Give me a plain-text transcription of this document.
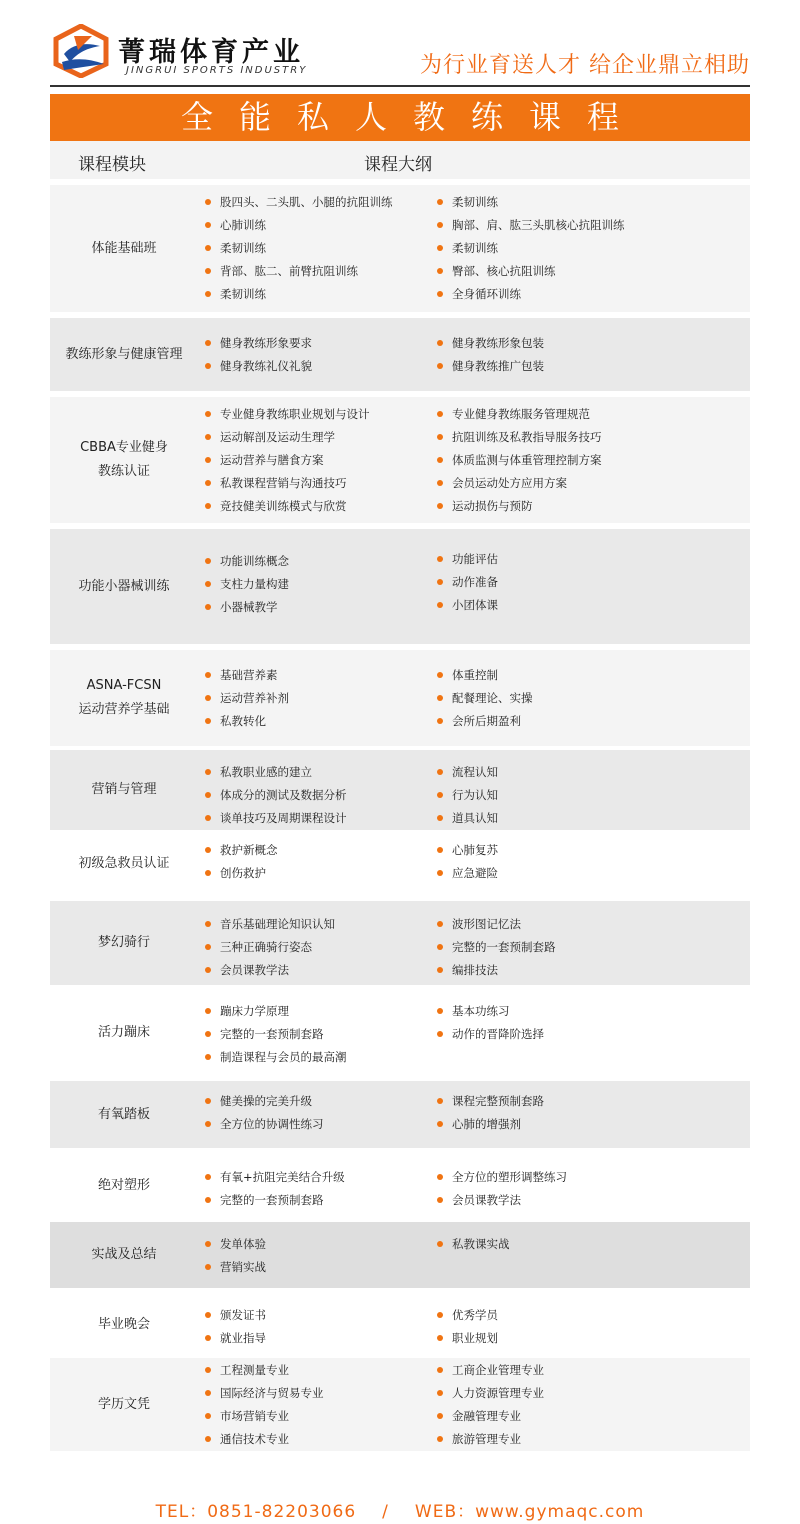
菁瑞体育产业
JINGRUI SPORTS INDUSTRY	为行业育送人才 给企业鼎立相助
全能私人教练课程
课程模块	课程大纲
体能基础班
股四头、二头肌、小腿的抗阻训练
心肺训练
柔韧训练
背部、肱二、前臂抗阻训练
柔韧训练
柔韧训练
胸部、肩、肱三头肌核心抗阻训练
柔韧训练
臀部、核心抗阻训练
全身循环训练
教练形象与健康管理
健身教练形象要求
健身教练礼仪礼貌
健身教练形象包装
健身教练推广包装
CBBA专业健身
教练认证
专业健身教练职业规划与设计
运动解剖及运动生理学
运动营养与膳食方案
私教课程营销与沟通技巧
竞技健美训练模式与欣赏
专业健身教练服务管理规范
抗阻训练及私教指导服务技巧
体质监测与体重管理控制方案
会员运动处方应用方案
运动损伤与预防
功能小器械训练
功能训练概念
支柱力量构建
小器械教学
功能评估
动作准备
小团体课
ASNA-FCSN
运动营养学基础
基础营养素
运动营养补剂
私教转化
体重控制
配餐理论、实操
会所后期盈利
营销与管理
私教职业感的建立
体成分的测试及数据分析
谈单技巧及周期课程设计
流程认知
行为认知
道具认知
初级急救员认证
救护新概念
创伤救护
心肺复苏
应急避险
梦幻骑行
音乐基础理论知识认知
三种正确骑行姿态
会员课教学法
波形图记忆法
完整的一套预制套路
编排技法
活力蹦床
蹦床力学原理
完整的一套预制套路
制造课程与会员的最高潮
基本功练习
动作的晋降阶选择
有氧踏板
健美操的完美升级
全方位的协调性练习
课程完整预制套路
心肺的增强剂
绝对塑形
有氧+抗阻完美结合升级
完整的一套预制套路
全方位的塑形调整练习
会员课教学法
实战及总结
发单体验
营销实战
私教课实战
毕业晚会
颁发证书
就业指导
优秀学员
职业规划
学历文凭
工程测量专业
国际经济与贸易专业
市场营销专业
通信技术专业
工商企业管理专业
人力资源管理专业
金融管理专业
旅游管理专业
TEL：0851-82203066 / WEB：www.gymaqc.com
